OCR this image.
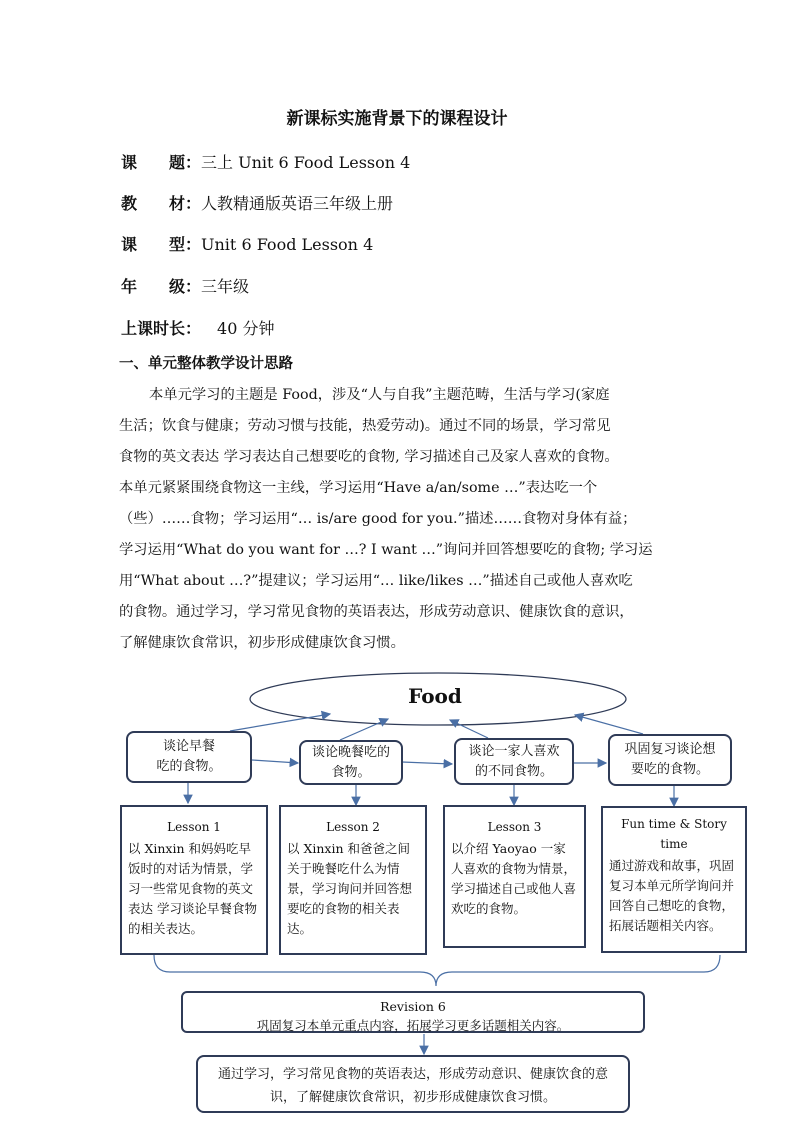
新课标实施背景下的课程设计
课　　题：三上 Unit 6 Food Lesson 4
教　　材：人教精通版英语三年级上册
课　　型：Unit 6 Food Lesson 4
年　　级：三年级
上课时长：　40 分钟
一、单元整体教学设计思路
本单元学习的主题是 Food，涉及“人与自我”主题范畴，生活与学习(家庭
生活；饮食与健康；劳动习惯与技能，热爱劳动)。通过不同的场景，学习常见
食物的英文表达 学习表达自己想要吃的食物, 学习描述自己及家人喜欢的食物。
本单元紧紧围绕食物这一主线，学习运用“Have a/an/some …”表达吃一个
（些）……食物；学习运用“… is/are good for you.”描述……食物对身体有益；
学习运用“What do you want for …? I want …”询问并回答想要吃的食物; 学习运
用“What about …?”提建议；学习运用“… like/likes …”描述自己或他人喜欢吃
的食物。通过学习，学习常见食物的英语表达，形成劳动意识、健康饮食的意识，
了解健康饮食常识，初步形成健康饮食习惯。
Food
谈论早餐
吃的食物。
谈论晚餐吃的
食物。
谈论一家人喜欢
的不同食物。
巩固复习谈论想
要吃的食物。
Lesson 1
以 Xinxin 和妈妈吃早饭时的对话为情景，学习一些常见食物的英文表达 学习谈论早餐食物的相关表达。
Lesson 2
以 Xinxin 和爸爸之间关于晚餐吃什么为情景，学习询问并回答想要吃的食物的相关表达。
Lesson 3
以介绍 Yaoyao 一家人喜欢的食物为情景，学习描述自己或他人喜欢吃的食物。
Fun time & Story time
通过游戏和故事，巩固复习本单元所学询问并回答自己想吃的食物，拓展话题相关内容。
Revision 6
巩固复习本单元重点内容，拓展学习更多话题相关内容。
通过学习，学习常见食物的英语表达，形成劳动意识、健康饮食的意识，了解健康饮食常识，初步形成健康饮食习惯。
